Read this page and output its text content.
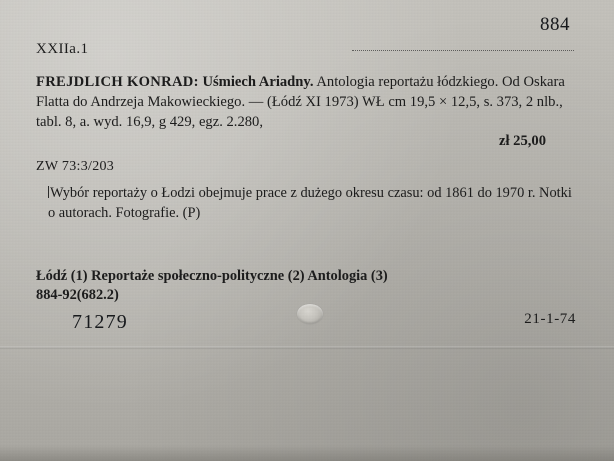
884
XXIIa.1
FREJDLICH KONRAD: Uśmiech Ariadny. Antologia reportażu łódzkiego. Od Oskara Flatta do Andrzeja Makowieckiego. — (Łódź XI 1973) WŁ cm 19,5 × 12,5, s. 373, 2 nlb., tabl. 8, a. wyd. 16,9, g 429, egz. 2.280,
zł 25,00
ZW 73:3/203
Wybór reportaży o Łodzi obejmuje prace z dużego okresu czasu: od 1861 do 1970 r. Notki o autorach. Fotografie. (P)
Łódź (1) Reportaże społeczno-polityczne (2) Antologia (3)
884-92(682.2)
71279	21-1-74
